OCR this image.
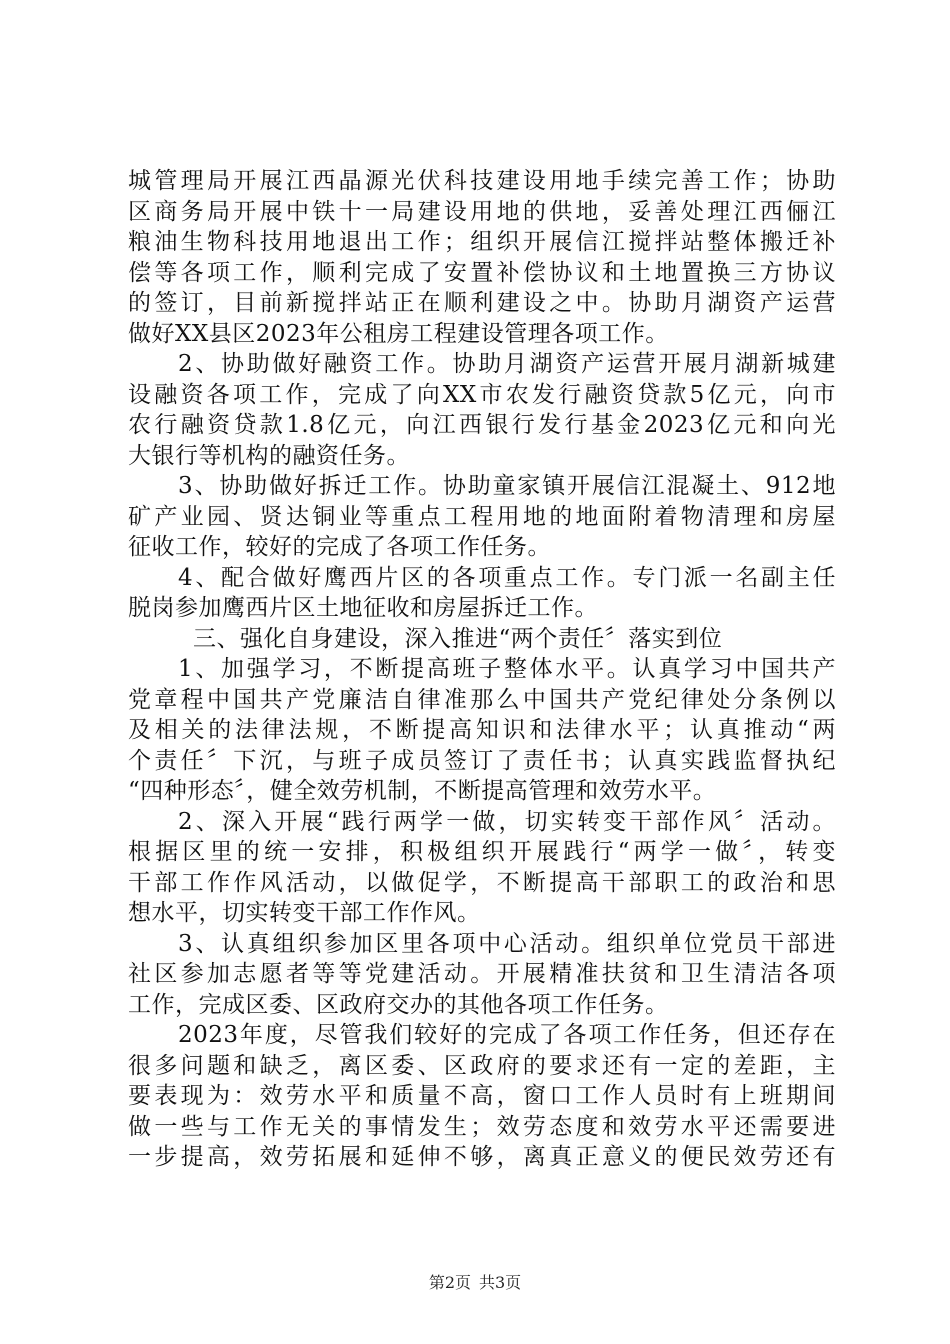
城管理局开展江西晶源光伏科技建设用地手续完善工作；协助
区商务局开展中铁十一局建设用地的供地，妥善处理江西俪江
粮油生物科技用地退出工作；组织开展信江搅拌站整体搬迁补
偿等各项工作，顺利完成了安置补偿协议和土地置换三方协议
的签订，目前新搅拌站正在顺利建设之中。协助月湖资产运营
做好XX县区2023年公租房工程建设管理各项工作。
2、协助做好融资工作。协助月湖资产运营开展月湖新城建
设融资各项工作，完成了向XX市农发行融资贷款5亿元，向市
农行融资贷款1.8亿元，向江西银行发行基金2023亿元和向光
大银行等机构的融资任务。
3、协助做好拆迁工作。协助童家镇开展信江混凝土、912地
矿产业园、贤达铜业等重点工程用地的地面附着物清理和房屋
征收工作，较好的完成了各项工作任务。
4、配合做好鹰西片区的各项重点工作。专门派一名副主任
脱岗参加鹰西片区土地征收和房屋拆迁工作。
三、强化自身建设，深入推进“两个责任〞落实到位
1、加强学习，不断提高班子整体水平。认真学习中国共产
党章程中国共产党廉洁自律准那么中国共产党纪律处分条例以
及相关的法律法规，不断提高知识和法律水平；认真推动“两
个责任〞下沉，与班子成员签订了责任书；认真实践监督执纪
“四种形态〞，健全效劳机制，不断提高管理和效劳水平。
2、深入开展“践行两学一做，切实转变干部作风〞活动。
根据区里的统一安排，积极组织开展践行“两学一做〞，转变
干部工作作风活动，以做促学，不断提高干部职工的政治和思
想水平，切实转变干部工作作风。
3、认真组织参加区里各项中心活动。组织单位党员干部进
社区参加志愿者等等党建活动。开展精准扶贫和卫生清洁各项
工作，完成区委、区政府交办的其他各项工作任务。
2023年度，尽管我们较好的完成了各项工作任务，但还存在
很多问题和缺乏，离区委、区政府的要求还有一定的差距，主
要表现为：效劳水平和质量不高，窗口工作人员时有上班期间
做一些与工作无关的事情发生；效劳态度和效劳水平还需要进
一步提高，效劳拓展和延伸不够，离真正意义的便民效劳还有
第2页 共3页
